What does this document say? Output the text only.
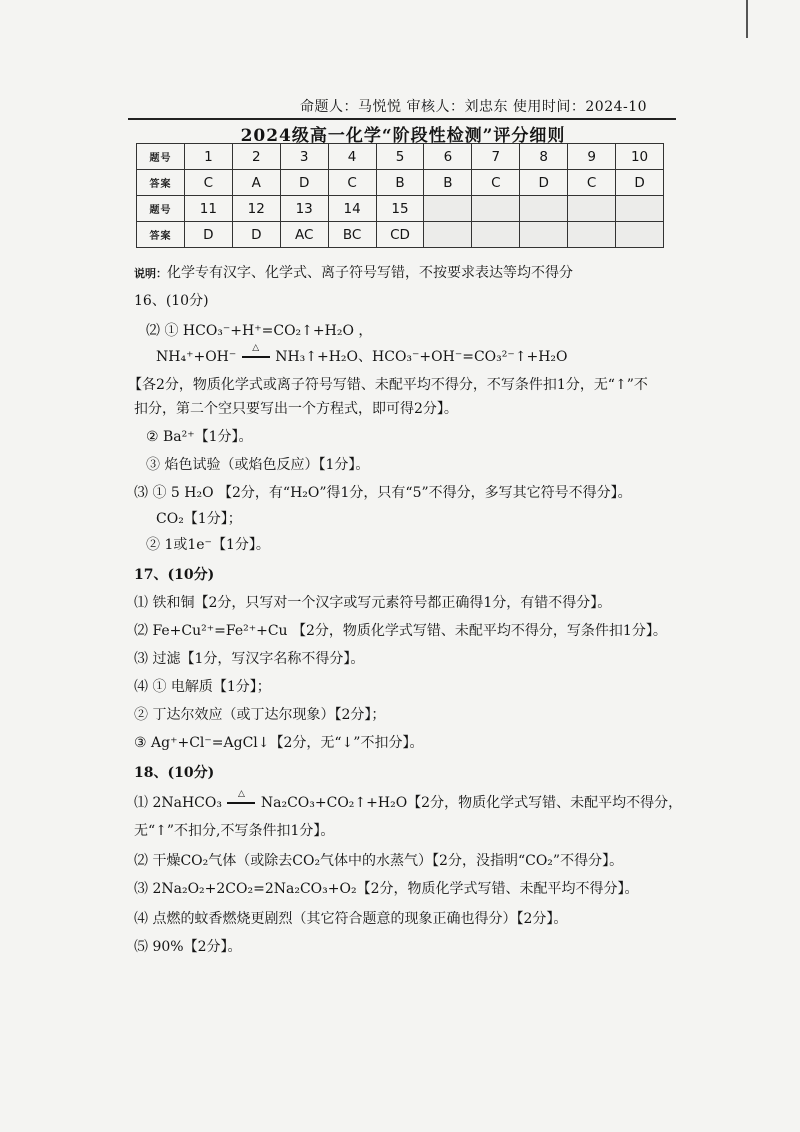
命题人：马悦悦 审核人：刘忠东 使用时间：2024-10
2024级高一化学“阶段性检测”评分细则
题号	1	2	3	4	5	6	7	8	9	10
答案	C	A	D	C	B	B	C	D	C	D
题号	11	12	13	14	15					
答案	D	D	AC	BC	CD					
说明：化学专有汉字、化学式、离子符号写错，不按要求表达等均不得分
16、(10分)
⑵ ① HCO₃⁻+H⁺=CO₂↑+H₂O ，
NH₄⁺+OH⁻
△
NH₃↑+H₂O、HCO₃⁻+OH⁻=CO₃²⁻↑+H₂O
【各2分，物质化学式或离子符号写错、未配平均不得分，不写条件扣1分，无“↑”不
扣分，第二个空只要写出一个方程式，即可得2分】。
② Ba²⁺【1分】。
③ 焰色试验（或焰色反应）【1分】。
⑶ ① 5 H₂O 【2分，有“H₂O”得1分，只有“5”不得分，多写其它符号不得分】。
CO₂【1分】；
② 1或1e⁻【1分】。
17、(10分)
⑴ 铁和铜【2分，只写对一个汉字或写元素符号都正确得1分，有错不得分】。
⑵ Fe+Cu²⁺=Fe²⁺+Cu 【2分，物质化学式写错、未配平均不得分，写条件扣1分】。
⑶ 过滤【1分，写汉字名称不得分】。
⑷ ① 电解质【1分】；
② 丁达尔效应（或丁达尔现象）【2分】；
③ Ag⁺+Cl⁻=AgCl↓【2分，无“↓”不扣分】。
18、(10分)
⑴ 2NaHCO₃
△
Na₂CO₃+CO₂↑+H₂O【2分，物质化学式写错、未配平均不得分，
无“↑”不扣分,不写条件扣1分】。
⑵ 干燥CO₂气体（或除去CO₂气体中的水蒸气）【2分，没指明“CO₂”不得分】。
⑶ 2Na₂O₂+2CO₂=2Na₂CO₃+O₂【2分，物质化学式写错、未配平均不得分】。
⑷ 点燃的蚊香燃烧更剧烈（其它符合题意的现象正确也得分）【2分】。
⑸ 90%【2分】。
